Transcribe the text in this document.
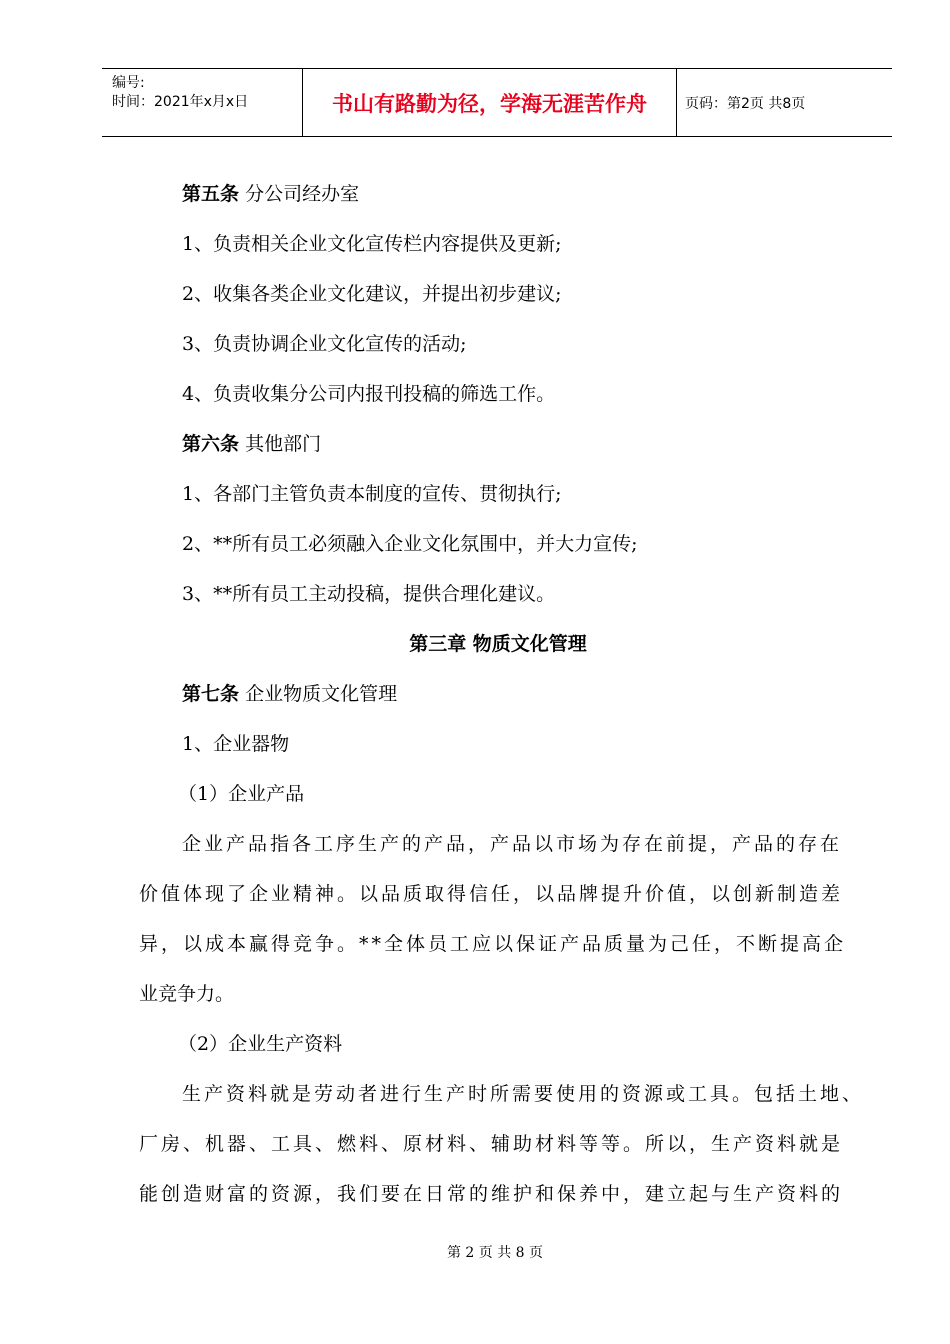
编号:
时间：2021年x月x日	书山有路勤为径，学海无涯苦作舟	页码：第2页 共8页
第五条 分公司经办室
1、负责相关企业文化宣传栏内容提供及更新;
2、收集各类企业文化建议，并提出初步建议;
3、负责协调企业文化宣传的活动;
4、负责收集分公司内报刊投稿的筛选工作。
第六条 其他部门
1、各部门主管负责本制度的宣传、贯彻执行;
2、**所有员工必须融入企业文化氛围中，并大力宣传;
3、**所有员工主动投稿，提供合理化建议。
第三章 物质文化管理
第七条 企业物质文化管理
1、企业器物
（1）企业产品
企业产品指各工序生产的产品，产品以市场为存在前提，产品的存在
价值体现了企业精神。以品质取得信任，以品牌提升价值，以创新制造差
异，以成本赢得竞争。**全体员工应以保证产品质量为己任，不断提高企
业竞争力。
（2）企业生产资料
生产资料就是劳动者进行生产时所需要使用的资源或工具。包括土地、
厂房、机器、工具、燃料、原材料、辅助材料等等。所以，生产资料就是
能创造财富的资源，我们要在日常的维护和保养中，建立起与生产资料的
第 2 页 共 8 页
